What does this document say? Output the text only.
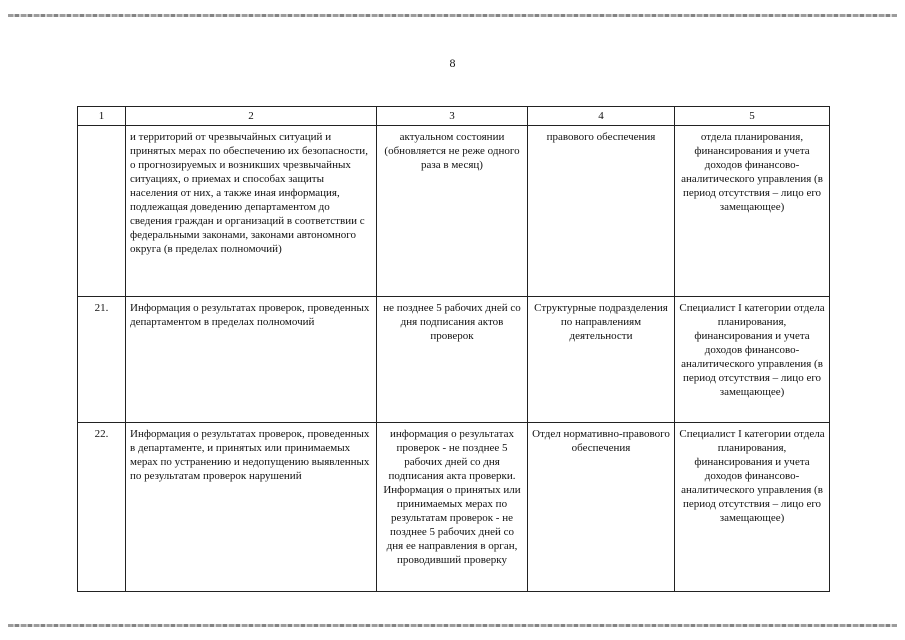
8
1	2	3	4	5
	и территорий от чрезвычайных ситуаций и принятых мерах по обеспечению их безопасности, о прогнозируемых и возникших чрезвычайных ситуациях, о приемах и способах защиты населения от них, а также иная информация, подлежащая доведению департаментом до сведения граждан и организаций в соответствии с федеральными законами, законами автономного округа (в пределах полномочий)	актуальном состоянии (обновляется не реже одного раза в месяц)	правового обеспечения	отдела планирования, финансирования и учета доходов финансово-аналитического управления (в период отсутствия – лицо его замещающее)
21.	Информация о результатах проверок, проведенных департаментом в пределах полномочий	не позднее 5 рабочих дней со дня подписания актов проверок	Структурные подразделения по направлениям деятельности	Специалист I категории отдела планирования, финансирования и учета доходов финансово-аналитического управления (в период отсутствия – лицо его замещающее)
22.	Информация о результатах проверок, проведенных в департаменте, и принятых или принимаемых мерах по устранению и недопущению выявленных по результатам проверок нарушений	информация о результатах проверок - не позднее 5 рабочих дней со дня подписания акта проверки. Информация о принятых или принимаемых мерах по результатам проверок - не позднее 5 рабочих дней со дня ее направления в орган, проводивший проверку	Отдел нормативно-правового обеспечения	Специалист I категории отдела планирования, финансирования и учета доходов финансово-аналитического управления (в период отсутствия – лицо его замещающее)
